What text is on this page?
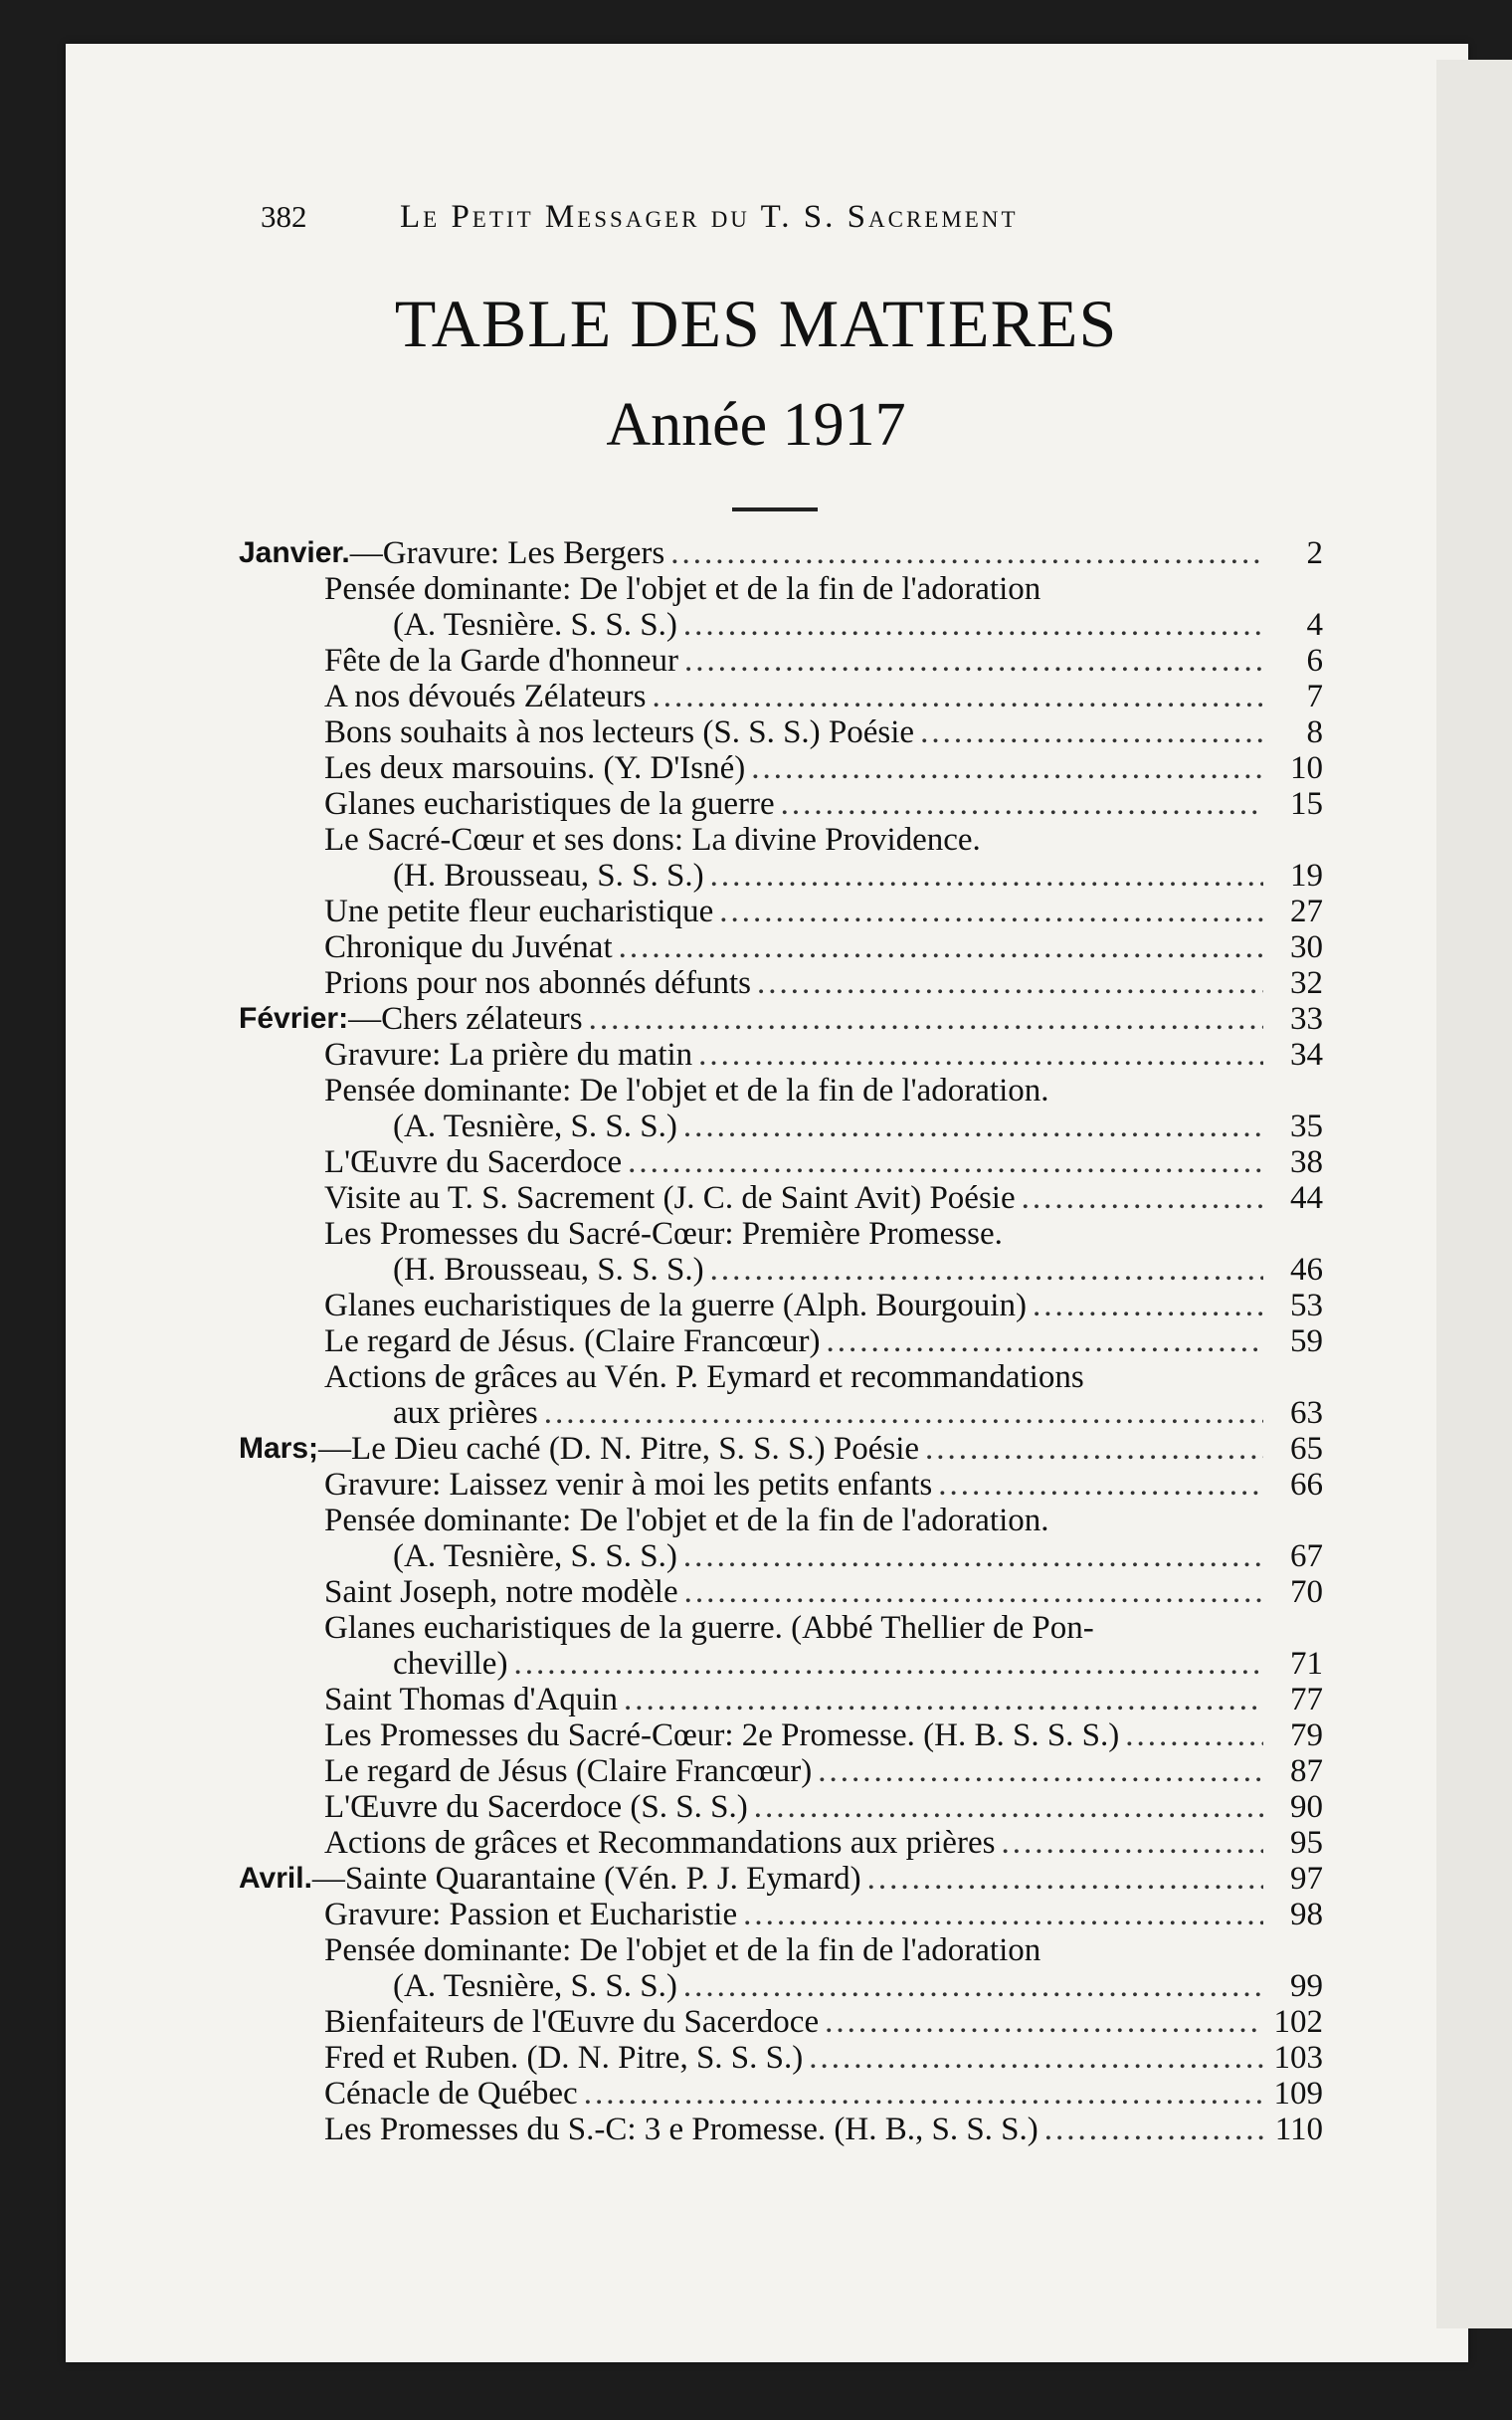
382	Le Petit Messager du T. S. Sacrement
TABLE DES MATIERES
Année 1917
Janvier. —Gravure: Les Bergers .....	2
Pensée dominante: De l'objet et de la fin de l'adoration
(A. Tesnière. S. S. S.) .....	4
Fête de la Garde d'honneur .....	6
A nos dévoués Zélateurs .....	7
Bons souhaits à nos lecteurs (S. S. S.) Poésie .....	8
Les deux marsouins. (Y. D'Isné) .....	10
Glanes eucharistiques de la guerre .....	15
Le Sacré-Cœur et ses dons: La divine Providence.
(H. Brousseau, S. S. S.) .....	19
Une petite fleur eucharistique .....	27
Chronique du Juvénat .....	30
Prions pour nos abonnés défunts .....	32
Février: —Chers zélateurs .....	33
Gravure: La prière du matin .....	34
Pensée dominante: De l'objet et de la fin de l'adoration.
(A. Tesnière, S. S. S.) .....	35
L'Œuvre du Sacerdoce .....	38
Visite au T. S. Sacrement (J. C. de Saint Avit) Poésie .....	44
Les Promesses du Sacré-Cœur: Première Promesse.
(H. Brousseau, S. S. S.) .....	46
Glanes eucharistiques de la guerre (Alph. Bourgouin) .....	53
Le regard de Jésus. (Claire Francœur) .....	59
Actions de grâces au Vén. P. Eymard et recommandations
aux prières .....	63
Mars; —Le Dieu caché (D. N. Pitre, S. S. S.) Poésie .....	65
Gravure: Laissez venir à moi les petits enfants .....	66
Pensée dominante: De l'objet et de la fin de l'adoration.
(A. Tesnière, S. S. S.) .....	67
Saint Joseph, notre modèle .....	70
Glanes eucharistiques de la guerre. (Abbé Thellier de Pon-
cheville) .....	71
Saint Thomas d'Aquin .....	77
Les Promesses du Sacré-Cœur: 2e Promesse. (H. B. S. S. S.) .....	79
Le regard de Jésus (Claire Francœur) .....	87
L'Œuvre du Sacerdoce (S. S. S.) .....	90
Actions de grâces et Recommandations aux prières .....	95
Avril. —Sainte Quarantaine (Vén. P. J. Eymard) .....	97
Gravure: Passion et Eucharistie .....	98
Pensée dominante: De l'objet et de la fin de l'adoration
(A. Tesnière, S. S. S.) .....	99
Bienfaiteurs de l'Œuvre du Sacerdoce .....	102
Fred et Ruben. (D. N. Pitre, S. S. S.) .....	103
Cénacle de Québec .....	109
Les Promesses du S.-C: 3 e Promesse. (H. B., S. S. S.) .....	110
